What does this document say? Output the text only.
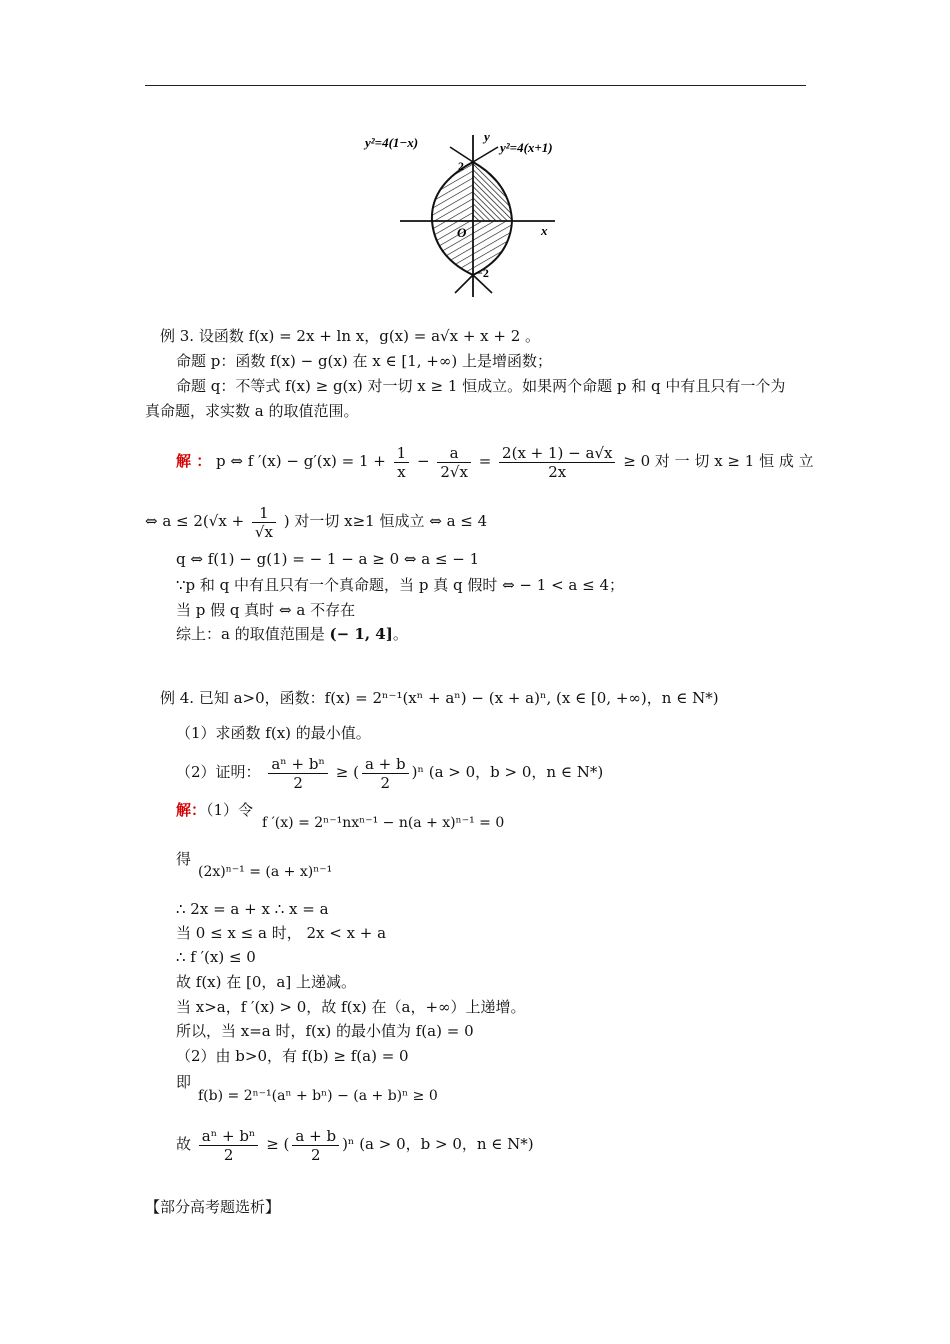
y²=4(1−x)	y²=4(x+1)
y
x
O
2
−2
例 3. 设函数 f(x) = 2x + ln x，g(x) = a√x + x + 2 。
命题 p：函数 f(x) − g(x) 在 x ∈ [1, +∞) 上是增函数；
命题 q：不等式 f(x) ≥ g(x) 对一切 x ≥ 1 恒成立。如果两个命题 p 和 q 中有且只有一个为
真命题，求实数 a 的取值范围。
解 ： p ⇔ f $'(x) - g'(x) = 1 + \frac{1}{x} - \frac{a}{2√x} = \frac{2(x + 1) - a√x}{2x} \ge 0$ 对 一 切 x ≥ 1 恒 成 立
⇔ $a \le 2(√x + \frac{1}{√x}$ ) 对一切 x≥1 恒成立 ⇔ a ≤ 4
q ⇔ f(1) − g(1) = − 1 − a ≥ 0 ⇔ a ≤ − 1
∵p 和 q 中有且只有一个真命题，当 p 真 q 假时 ⇔ − 1 < a ≤ 4；
当 p 假 q 真时 ⇔ a 不存在
综上：a 的取值范围是 (− 1, 4]。
例 4. 已知 a>0，函数：f(x) = 2ⁿ⁻¹(xⁿ + aⁿ) − (x + a)ⁿ, (x ∈ [0, +∞)，n ∈ N*)
（1）求函数 f(x) 的最小值。
（2）证明： $\frac{\text{aⁿ + bⁿ}}{2}$ ≥ ( $\frac{a + b}{2} )^n$ (a > 0，b > 0，n ∈ N*)
解：（1）令
f ′(x) = 2ⁿ⁻¹nxⁿ⁻¹ − n(a + x)ⁿ⁻¹ = 0
得
(2x)ⁿ⁻¹ = (a + x)ⁿ⁻¹
∴ 2x = a + x ∴ x = a
当 0 ≤ x ≤ a 时， 2x < x + a
∴ f ′(x) ≤ 0
故 f(x) 在 [0，a] 上递减。
当 x>a，f ′(x) > 0，故 f(x) 在（a，+∞）上递增。
所以，当 x=a 时，f(x) 的最小值为 f(a) = 0
（2）由 b>0，有 f(b) ≥ f(a) = 0
即
f(b) = 2ⁿ⁻¹(aⁿ + bⁿ) − (a + b)ⁿ ≥ 0
故 $\frac{\text{aⁿ + bⁿ}}{2}$ ≥ ( $\frac{a + b}{2} )^n$ (a > 0，b > 0，n ∈ N*)
【部分高考题选析】
